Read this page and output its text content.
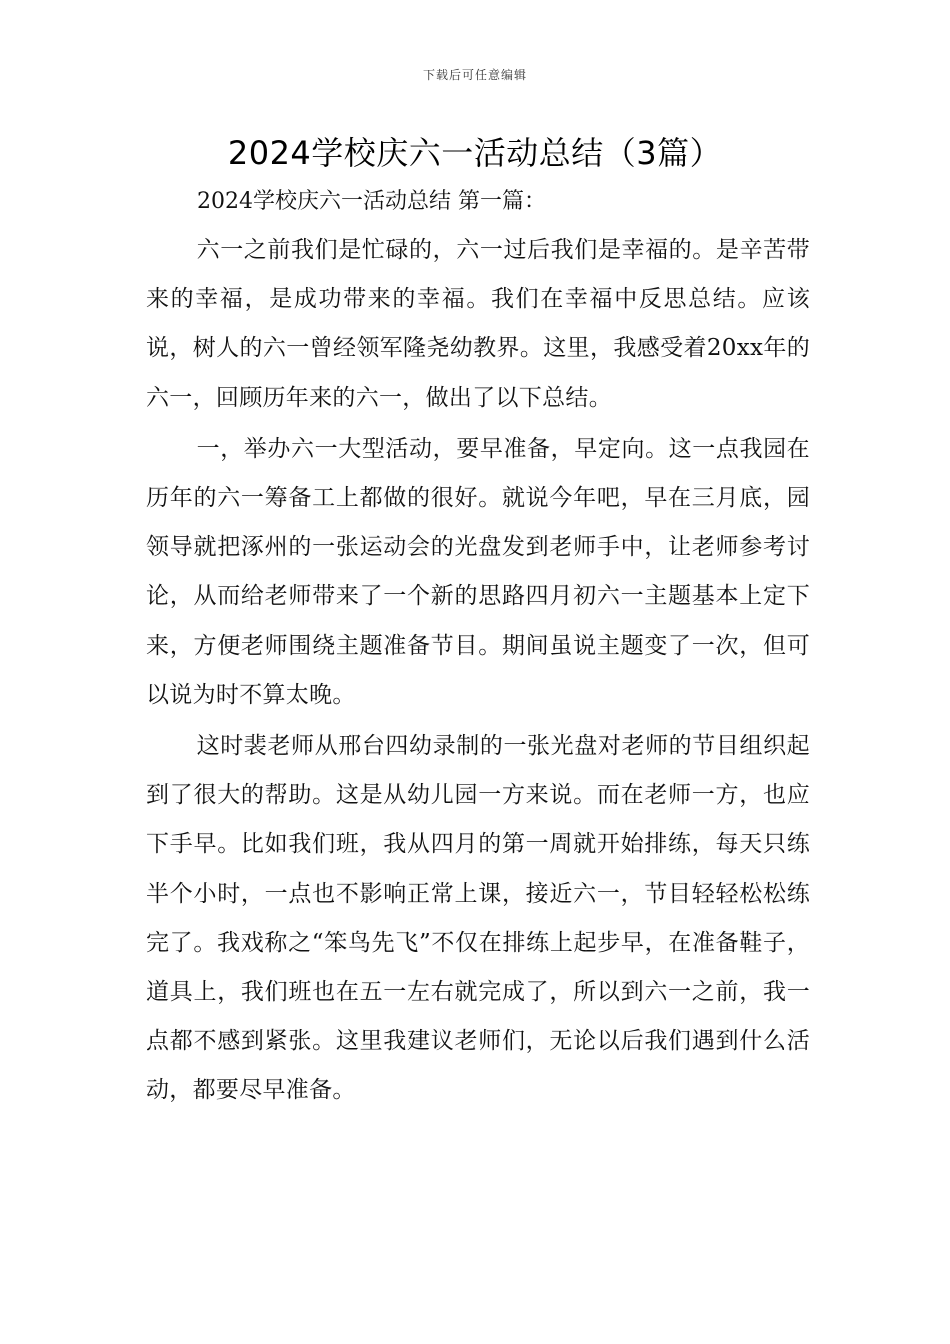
下载后可任意编辑
2024学校庆六一活动总结（3篇）
2024学校庆六一活动总结 第一篇：

六一之前我们是忙碌的，六一过后我们是幸福的。是辛苦带来的幸福，是成功带来的幸福。我们在幸福中反思总结。应该说，树人的六一曾经领军隆尧幼教界。这里，我感受着20xx年的六一，回顾历年来的六一，做出了以下总结。

一，举办六一大型活动，要早准备，早定向。这一点我园在历年的六一筹备工上都做的很好。就说今年吧，早在三月底，园领导就把涿州的一张运动会的光盘发到老师手中，让老师参考讨论，从而给老师带来了一个新的思路四月初六一主题基本上定下来，方便老师围绕主题准备节目。期间虽说主题变了一次，但可以说为时不算太晚。

这时裴老师从邢台四幼录制的一张光盘对老师的节目组织起到了很大的帮助。这是从幼儿园一方来说。而在老师一方，也应下手早。比如我们班，我从四月的第一周就开始排练，每天只练半个小时，一点也不影响正常上课，接近六一，节目轻轻松松练完了。我戏称之“笨鸟先飞”不仅在排练上起步早，在准备鞋子，道具上，我们班也在五一左右就完成了，所以到六一之前，我一点都不感到紧张。这里我建议老师们，无论以后我们遇到什么活动，都要尽早准备。
